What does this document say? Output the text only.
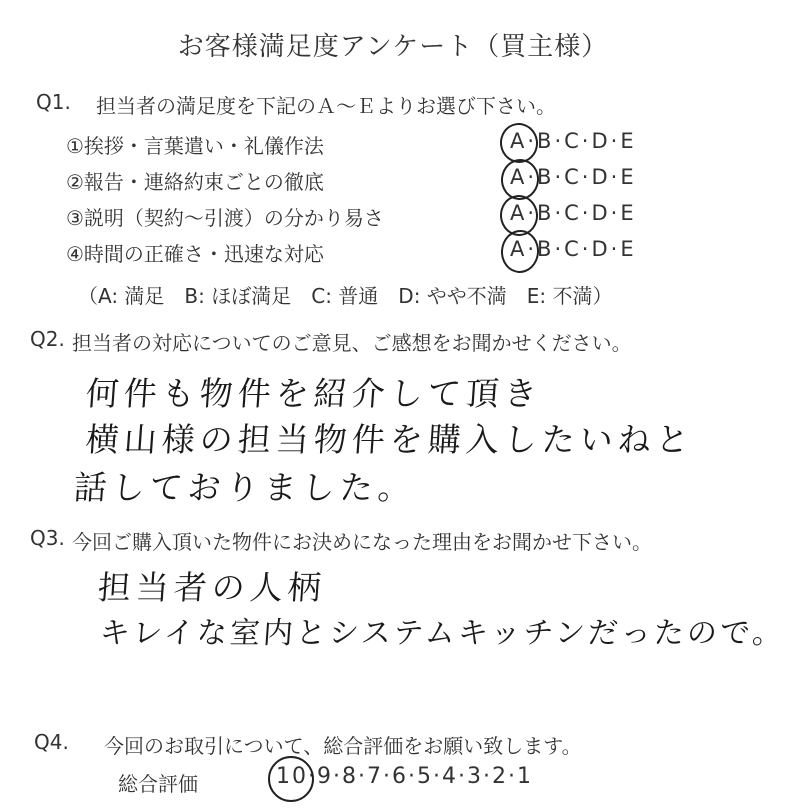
お客様満足度アンケート（買主様）
Q1. 担当者の満足度を下記のＡ～Ｅよりお選び下さい。
①挨拶・言葉遣い・礼儀作法
②報告・連絡約束ごとの徹底
③説明（契約～引渡）の分かり易さ
④時間の正確さ・迅速な対応
A·B·C·D·E
A·B·C·D·E
A·B·C·D·E
A·B·C·D·E
（A: 満足　B: ほぼ満足　C: 普通　D: やや不満　E: 不満）
Q2. 担当者の対応についてのご意見、ご感想をお聞かせください。
何件も物件を紹介して頂き
横山様の担当物件を購入したいねと
話しておりました。
Q3. 今回ご購入頂いた物件にお決めになった理由をお聞かせ下さい。
担当者の人柄
キレイな室内とシステムキッチンだったので。
Q4. 今回のお取引について、総合評価をお願い致します。
総合評価	10·9·8·7·6·5·4·3·2·1
